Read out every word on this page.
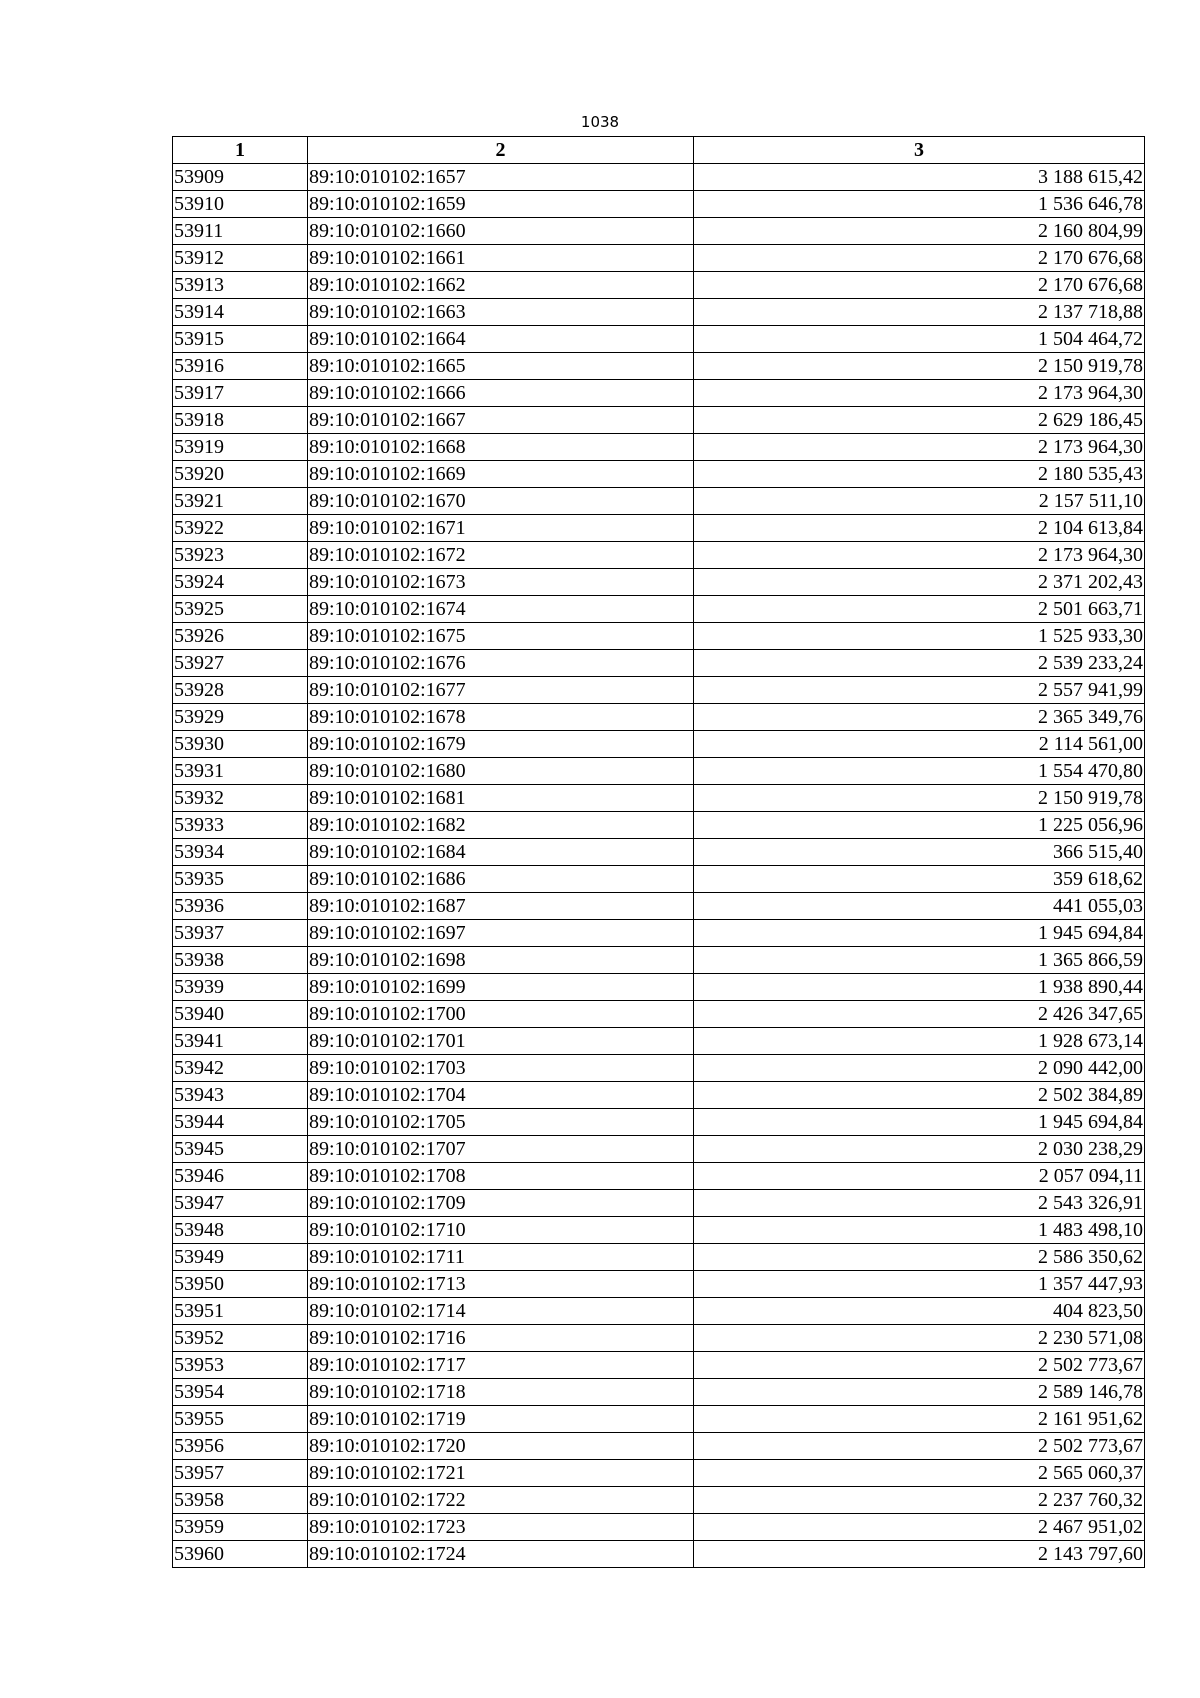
1038
1	2	3
53909	89:10:010102:1657	3 188 615,42
53910	89:10:010102:1659	1 536 646,78
53911	89:10:010102:1660	2 160 804,99
53912	89:10:010102:1661	2 170 676,68
53913	89:10:010102:1662	2 170 676,68
53914	89:10:010102:1663	2 137 718,88
53915	89:10:010102:1664	1 504 464,72
53916	89:10:010102:1665	2 150 919,78
53917	89:10:010102:1666	2 173 964,30
53918	89:10:010102:1667	2 629 186,45
53919	89:10:010102:1668	2 173 964,30
53920	89:10:010102:1669	2 180 535,43
53921	89:10:010102:1670	2 157 511,10
53922	89:10:010102:1671	2 104 613,84
53923	89:10:010102:1672	2 173 964,30
53924	89:10:010102:1673	2 371 202,43
53925	89:10:010102:1674	2 501 663,71
53926	89:10:010102:1675	1 525 933,30
53927	89:10:010102:1676	2 539 233,24
53928	89:10:010102:1677	2 557 941,99
53929	89:10:010102:1678	2 365 349,76
53930	89:10:010102:1679	2 114 561,00
53931	89:10:010102:1680	1 554 470,80
53932	89:10:010102:1681	2 150 919,78
53933	89:10:010102:1682	1 225 056,96
53934	89:10:010102:1684	366 515,40
53935	89:10:010102:1686	359 618,62
53936	89:10:010102:1687	441 055,03
53937	89:10:010102:1697	1 945 694,84
53938	89:10:010102:1698	1 365 866,59
53939	89:10:010102:1699	1 938 890,44
53940	89:10:010102:1700	2 426 347,65
53941	89:10:010102:1701	1 928 673,14
53942	89:10:010102:1703	2 090 442,00
53943	89:10:010102:1704	2 502 384,89
53944	89:10:010102:1705	1 945 694,84
53945	89:10:010102:1707	2 030 238,29
53946	89:10:010102:1708	2 057 094,11
53947	89:10:010102:1709	2 543 326,91
53948	89:10:010102:1710	1 483 498,10
53949	89:10:010102:1711	2 586 350,62
53950	89:10:010102:1713	1 357 447,93
53951	89:10:010102:1714	404 823,50
53952	89:10:010102:1716	2 230 571,08
53953	89:10:010102:1717	2 502 773,67
53954	89:10:010102:1718	2 589 146,78
53955	89:10:010102:1719	2 161 951,62
53956	89:10:010102:1720	2 502 773,67
53957	89:10:010102:1721	2 565 060,37
53958	89:10:010102:1722	2 237 760,32
53959	89:10:010102:1723	2 467 951,02
53960	89:10:010102:1724	2 143 797,60
